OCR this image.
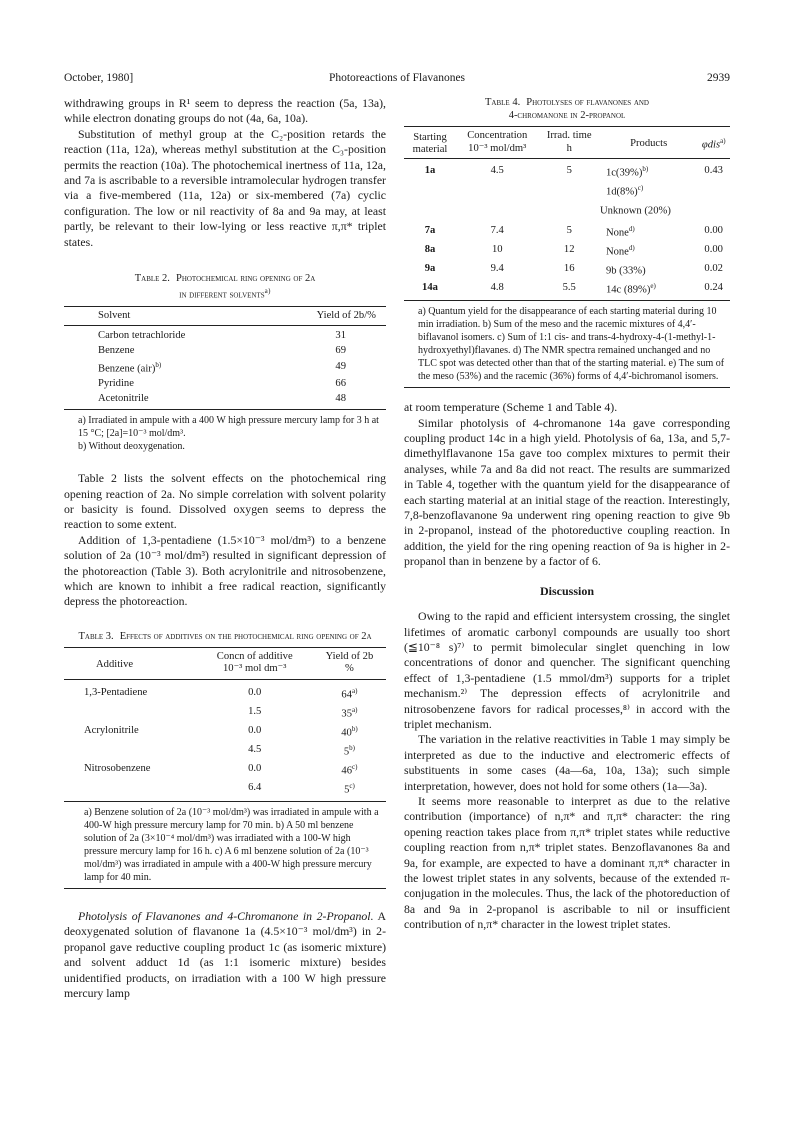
October, 1980]	Photoreactions of Flavanones	2939

withdrawing groups in R¹ seem to depress the reaction (5a, 13a), while electron donating groups do not (4a, 6a, 10a).

Substitution of methyl group at the C₂-position retards the reaction (11a, 12a), whereas methyl substitution at the C₃-position permits the reaction (10a). The photochemical inertness of 11a, 12a, and 7a is ascribable to a reversible intramolecular hydrogen transfer via a five-membered (11a, 12a) or six-membered (7a) cyclic configuration. The low or nil reactivity of 8a and 9a may, at least partly, be relevant to their low-lying or less reactive π,π* triplet states.

Table 2. Photochemical ring opening of 2a

in different solvents$^{a)}$

Solvent	Yield of 2b/%
Carbon tetrachloride	31
Benzene	69
Benzene (air)$^{b)}$	49
Pyridine	66
Acetonitrile	48
a) Irradiated in ampule with a 400 W high pressure mercury lamp for 3 h at 15 °C; [2a]=10⁻³ mol/dm³.
b) Without deoxygenation.

Table 2 lists the solvent effects on the photochemical ring opening reaction of 2a. No simple correlation with solvent polarity or basicity is found. Dissolved oxygen seems to depress the reaction to some extent.

Addition of 1,3-pentadiene (1.5×10⁻³ mol/dm³) to a benzene solution of 2a (10⁻³ mol/dm³) resulted in significant depression of the photoreaction (Table 3). Both acrylonitrile and nitrosobenzene, which are known to inhibit a free radical reaction, significantly depress the photoreaction.

Table 3. Effects of additives on the photochemical ring opening of 2a

Additive	Concn of additive	Yield of 2b
	10⁻³ mol dm⁻³	%
1,3-Pentadiene	0.0	64$^{a)}$
	1.5	35$^{a)}$
Acrylonitrile	0.0	40$^{b)}$
	4.5	5$^{b)}$
Nitrosobenzene	0.0	46$^{c)}$
	6.4	5$^{c)}$
a) Benzene solution of 2a (10⁻³ mol/dm³) was irradiated in ampule with a 400-W high pressure mercury lamp for 70 min. b) A 50 ml benzene solution of 2a (3×10⁻⁴ mol/dm³) was irradiated with a 100-W high pressure mercury lamp for 16 h. c) A 6 ml benzene solution of 2a (10⁻³ mol/dm³) was irradiated in ampule with a 400-W high pressure mercury lamp for 40 min.

Photolysis of Flavanones and 4-Chromanone in 2-Propanol. A deoxygenated solution of flavanone 1a (4.5×10⁻³ mol/dm³) in 2-propanol gave reductive coupling product 1c (as isomeric mixture) and solvent adduct 1d (as 1:1 isomeric mixture) besides unidentified products, on irradiation with a 100 W high pressure mercury lamp

Table 4. Photolyses of flavanones and

4-chromanone in 2-propanol

Starting material	Concentration	Irrad. time	Products	φdis$^{a)}$
	10⁻³ mol/dm³	h		
1a	4.5	5	$1c(39\%)^{b)}$	0.43
			$1d(8\%)^{c)}$	
			Unknown (20%)	
7a	7.4	5	None$^{d)}$	0.00
8a	10	12	None$^{d)}$	0.00
9a	9.4	16	9b (33%)	0.02
14a	4.8	5.5	14c $(89\%)^{e)}$	0.24
a) Quantum yield for the disappearance of each starting material during 10 min irradiation. b) Sum of the meso and the racemic mixtures of 4,4′-biflavanol isomers. c) Sum of 1:1 cis- and trans-4-hydroxy-4-(1-methyl-1-hydroxyethyl)flavanes. d) The NMR spectra remained unchanged and no TLC spot was detected other than that of the starting material. e) The sum of the meso (53%) and the racemic (36%) forms of 4,4′-bichromanol isomers.

at room temperature (Scheme 1 and Table 4).

Similar photolysis of 4-chromanone 14a gave corresponding coupling product 14c in a high yield. Photolysis of 6a, 13a, and 5,7-dimethylflavanone 15a gave too complex mixtures to permit their analyses, while 7a and 8a did not react. The results are summarized in Table 4, together with the quantum yield for the disappearance of each starting material at an initial stage of the reaction. Interestingly, 7,8-benzoflavanone 9a underwent ring opening reaction to give 9b in 2-propanol, instead of the photoreductive coupling reaction. In addition, the yield for the ring opening reaction of 9a is higher in 2-propanol than in benzene by a factor of 6.

Discussion

Owing to the rapid and efficient intersystem crossing, the singlet lifetimes of aromatic carbonyl compounds are usually too short (≦10⁻⁸ s)⁷⁾ to permit bimolecular singlet quenching in low concentrations of donor and quencher. The significant quenching effect of 1,3-pentadiene (1.5 mmol/dm³) supports for a triplet mechanism.²⁾ The depression effects of acrylonitrile and nitrosobenzene favors for radical processes,⁸⁾ in accord with the triplet mechanism.

The variation in the relative reactivities in Table 1 may simply be interpreted as due to the inductive and electromeric effects of substituents in some cases (4a—6a, 10a, 13a); such simple interpretation, however, does not hold for some others (1a—3a).

It seems more reasonable to interpret as due to the relative contribution (importance) of n,π* and π,π* character: the ring opening reaction takes place from π,π* triplet states while reductive coupling reaction from n,π* triplet states. Benzoflavanones 8a and 9a, for example, are expected to have a dominant π,π* character in the lowest triplet states in any solvents, because of the extended π-conjugation in the molecules. Thus, the lack of the photoreduction of 8a and 9a in 2-propanol is ascribable to nil or insufficient contribution of n,π* character in the lowest triplet states.
